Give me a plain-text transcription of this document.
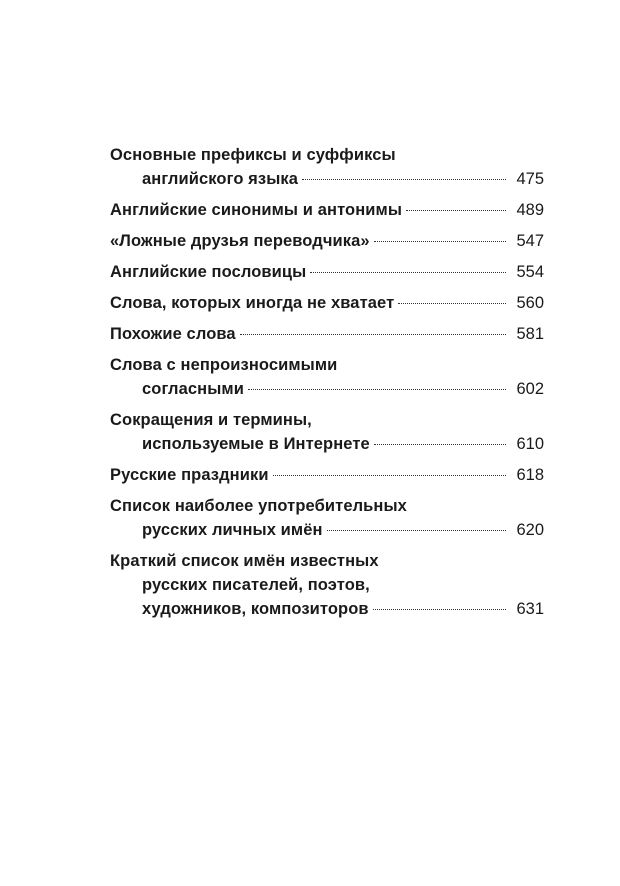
Основные префиксы и суффиксы
английского языка	475
Английские синонимы и антонимы	489
«Ложные друзья переводчика»	547
Английские пословицы	554
Слова, которых иногда не хватает	560
Похожие слова	581
Слова с непроизносимыми
согласными	602
Сокращения и термины,
используемые в Интернете	610
Русские праздники	618
Список наиболее употребительных
русских личных имён	620
Краткий список имён известных
русских писателей, поэтов,
художников, композиторов	631
